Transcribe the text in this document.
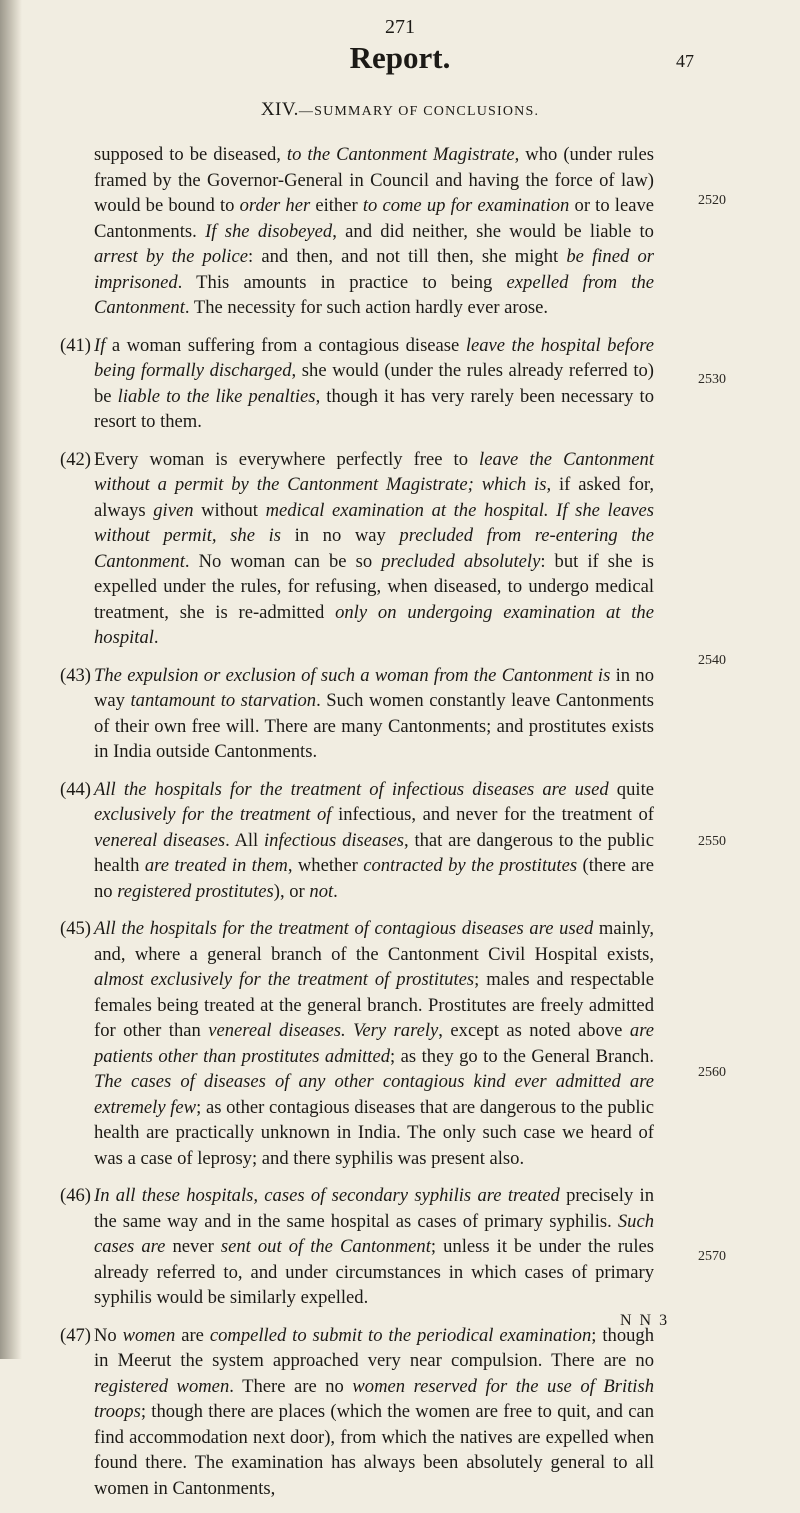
271
Report.	47
XIV.—SUMMARY OF CONCLUSIONS.
supposed to be diseased, to the Cantonment Magistrate, who (under rules framed by the Governor-General in Council and having the force of law) would be bound to order her either to come up for examination or to leave Cantonments. If she disobeyed, and did neither, she would be liable to arrest by the police: and then, and not till then, she might be fined or imprisoned. This amounts in practice to being expelled from the Cantonment. The necessity for such action hardly ever arose.
(41) If a woman suffering from a contagious disease leave the hospital before being formally discharged, she would (under the rules already referred to) be liable to the like penalties, though it has very rarely been necessary to resort to them.
(42) Every woman is everywhere perfectly free to leave the Cantonment without a permit by the Cantonment Magistrate; which is, if asked for, always given without medical examination at the hospital. If she leaves without permit, she is in no way precluded from re-entering the Cantonment. No woman can be so precluded absolutely: but if she is expelled under the rules, for refusing, when diseased, to undergo medical treatment, she is re-admitted only on undergoing examination at the hospital.
(43) The expulsion or exclusion of such a woman from the Cantonment is in no way tantamount to starvation. Such women constantly leave Cantonments of their own free will. There are many Cantonments; and prostitutes exists in India outside Cantonments.
(44) All the hospitals for the treatment of infectious diseases are used quite exclusively for the treatment of infectious, and never for the treatment of venereal diseases. All infectious diseases, that are dangerous to the public health are treated in them, whether contracted by the prostitutes (there are no registered prostitutes), or not.
(45) All the hospitals for the treatment of contagious diseases are used mainly, and, where a general branch of the Cantonment Civil Hospital exists, almost exclusively for the treatment of prostitutes; males and respectable females being treated at the general branch. Prostitutes are freely admitted for other than venereal diseases. Very rarely, except as noted above are patients other than prostitutes admitted; as they go to the General Branch. The cases of diseases of any other contagious kind ever admitted are extremely few; as other contagious diseases that are dangerous to the public health are practically unknown in India. The only such case we heard of was a case of leprosy; and there syphilis was present also.
(46) In all these hospitals, cases of secondary syphilis are treated precisely in the same way and in the same hospital as cases of primary syphilis. Such cases are never sent out of the Cantonment; unless it be under the rules already referred to, and under circumstances in which cases of primary syphilis would be similarly expelled.
(47) No women are compelled to submit to the periodical examination; though in Meerut the system approached very near compulsion. There are no registered women. There are no women reserved for the use of British troops; though there are places (which the women are free to quit, and can find accommodation next door), from which the natives are expelled when found there. The examination has always been absolutely general to all women in Cantonments,
2520
2530
2540
2550
2560
2570
N N 3
